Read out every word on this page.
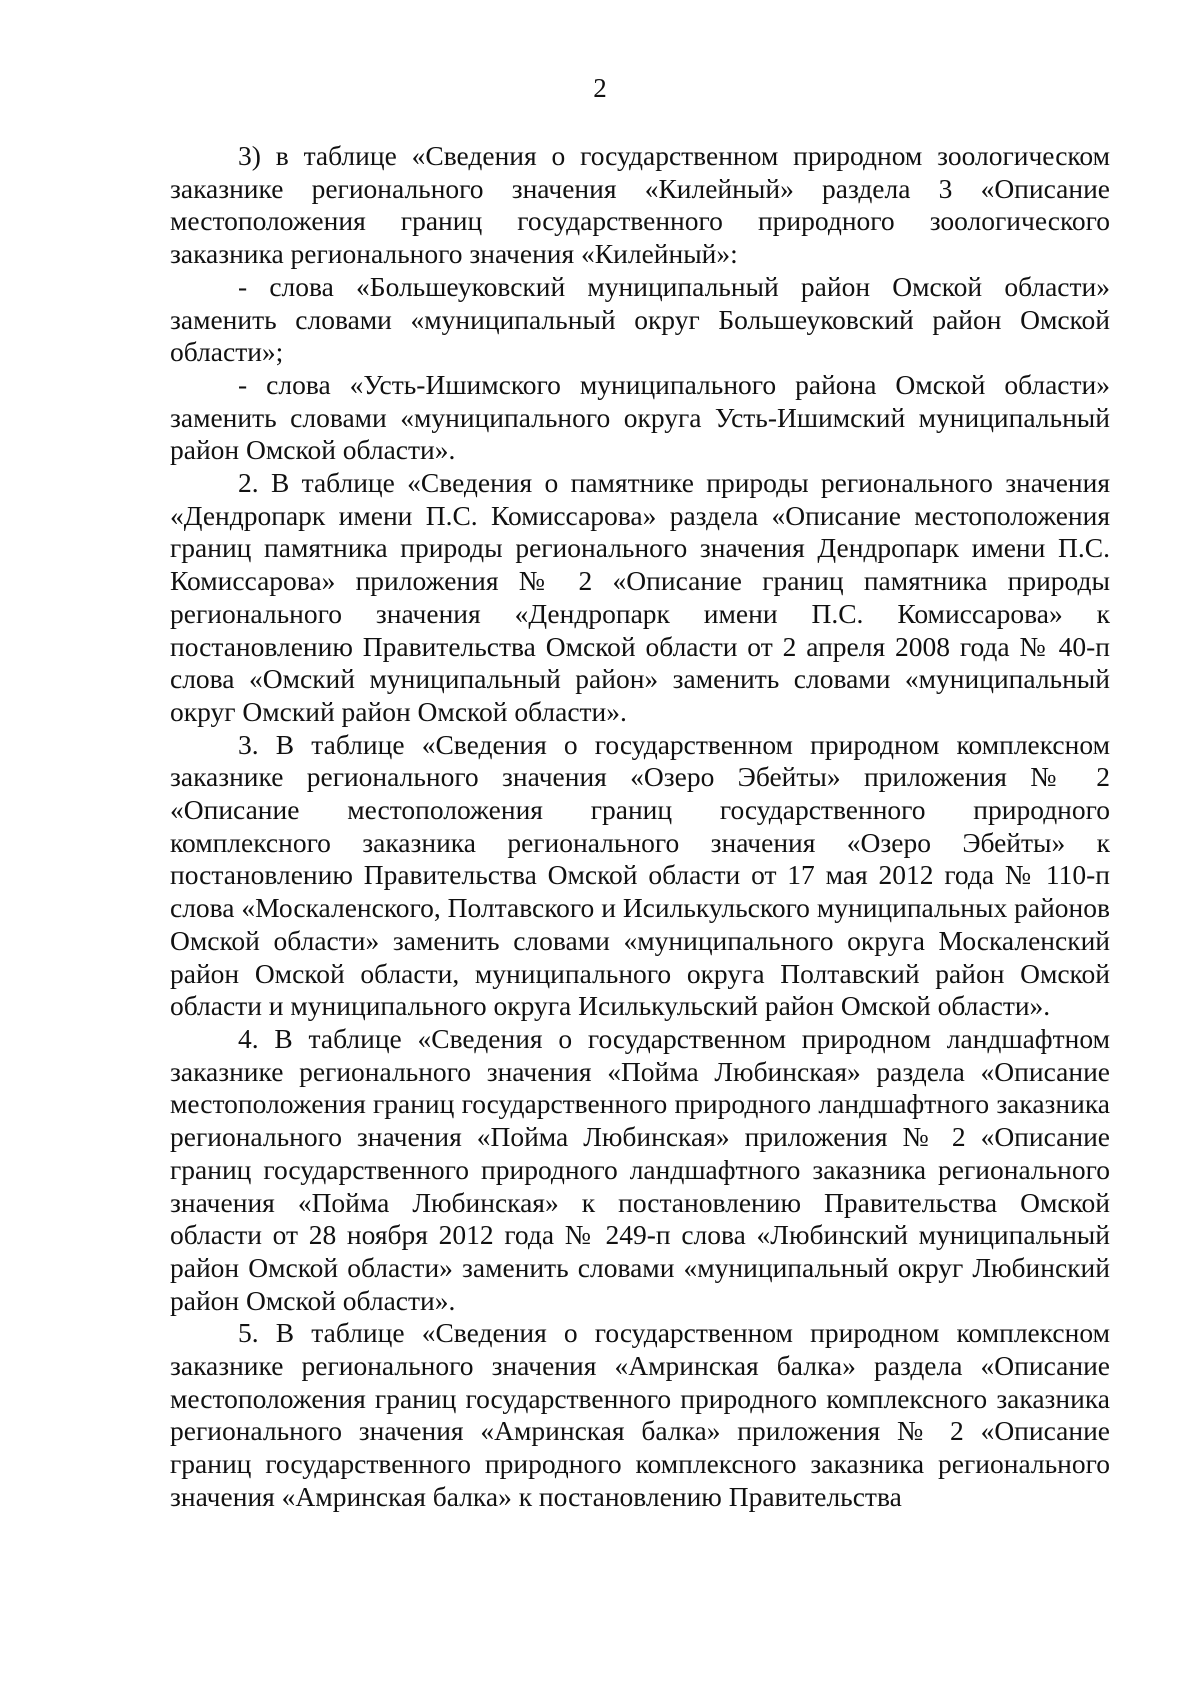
2

3) в таблице «Сведения о государственном природном зоологическом заказнике регионального значения «Килейный» раздела 3 «Описание местоположения границ государственного природного зоологического заказника регионального значения «Килейный»:

- слова «Большеуковский муниципальный район Омской области» заменить словами «муниципальный округ Большеуковский район Омской области»;

- слова «Усть-Ишимского муниципального района Омской области» заменить словами «муниципального округа Усть-Ишимский муниципальный район Омской области».

2. В таблице «Сведения о памятнике природы регионального значения «Дендропарк имени П.С. Комиссарова» раздела «Описание местоположения границ памятника природы регионального значения Дендропарк имени П.С. Комиссарова» приложения № 2 «Описание границ памятника природы регионального значения «Дендропарк имени П.С. Комиссарова» к постановлению Правительства Омской области от 2 апреля 2008 года № 40-п слова «Омский муниципальный район» заменить словами «муниципальный округ Омский район Омской области».

3. В таблице «Сведения о государственном природном комплексном заказнике регионального значения «Озеро Эбейты» приложения № 2 «Описание местоположения границ государственного природного комплексного заказника регионального значения «Озеро Эбейты» к постановлению Правительства Омской области от 17 мая 2012 года № 110-п слова «Москаленского, Полтавского и Исилькульского муниципальных районов Омской области» заменить словами «муниципального округа Москаленский район Омской области, муниципального округа Полтавский район Омской области и муниципального округа Исилькульский район Омской области».

4. В таблице «Сведения о государственном природном ландшафтном заказнике регионального значения «Пойма Любинская» раздела «Описание местоположения границ государственного природного ландшафтного заказника регионального значения «Пойма Любинская» приложения № 2 «Описание границ государственного природного ландшафтного заказника регионального значения «Пойма Любинская» к постановлению Правительства Омской области от 28 ноября 2012 года № 249-п слова «Любинский муниципальный район Омской области» заменить словами «муниципальный округ Любинский район Омской области».

5. В таблице «Сведения о государственном природном комплексном заказнике регионального значения «Амринская балка» раздела «Описание местоположения границ государственного природного комплексного заказника регионального значения «Амринская балка» приложения № 2 «Описание границ государственного природного комплексного заказника регионального значения «Амринская балка» к постановлению Правительства
